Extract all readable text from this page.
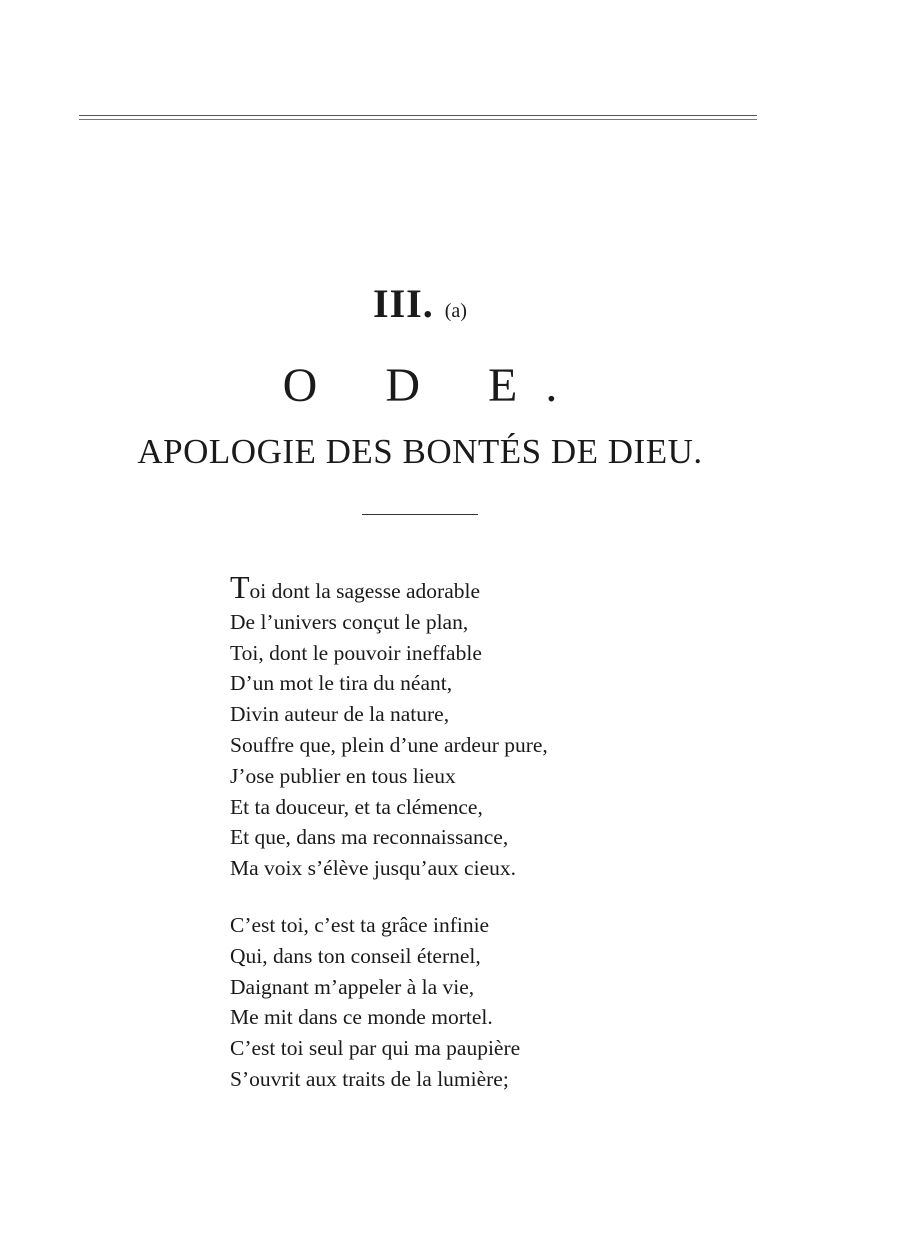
III. (a)
O D E.
APOLOGIE DES BONTÉS DE DIEU.
Toi dont la sagesse adorable
De l’univers conçut le plan,
Toi, dont le pouvoir ineffable
D’un mot le tira du néant,
Divin auteur de la nature,
Souffre que, plein d’une ardeur pure,
J’ose publier en tous lieux
Et ta douceur, et ta clémence,
Et que, dans ma reconnaissance,
Ma voix s’élève jusqu’aux cieux.
C’est toi, c’est ta grâce infinie
Qui, dans ton conseil éternel,
Daignant m’appeler à la vie,
Me mit dans ce monde mortel.
C’est toi seul par qui ma paupière
S’ouvrit aux traits de la lumière;
